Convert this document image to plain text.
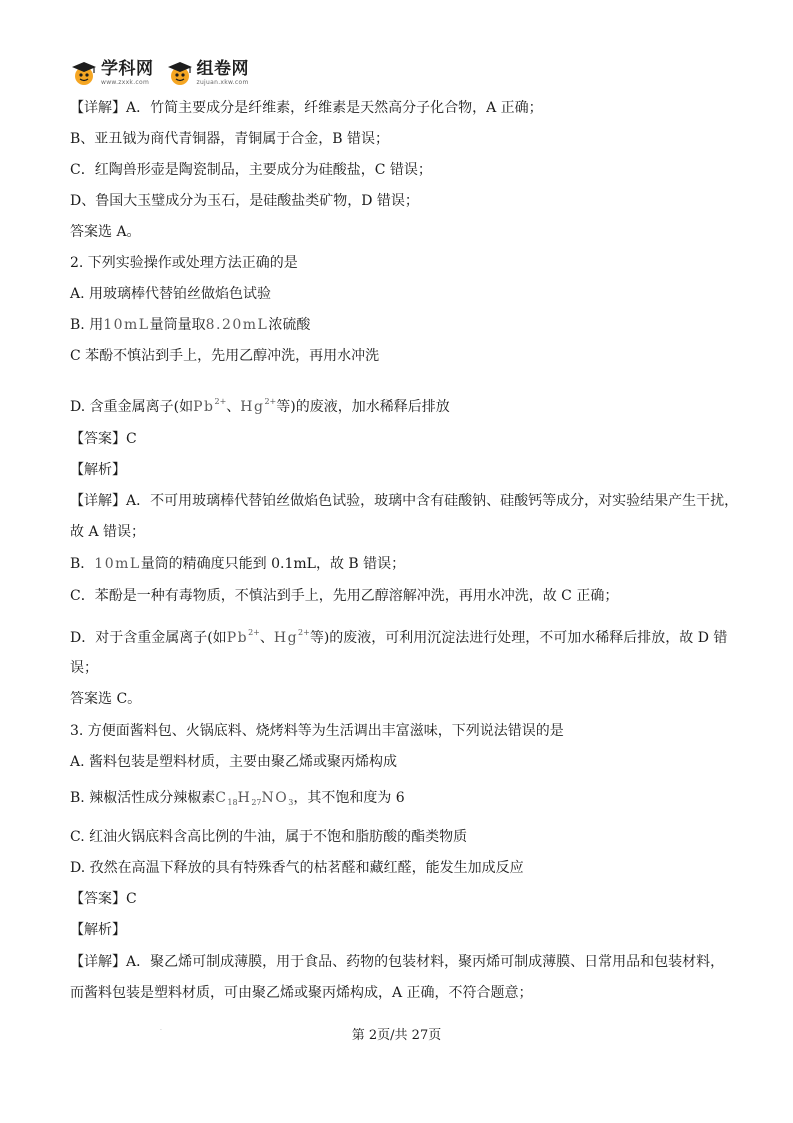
学科网
www.zxxk.com
组卷网
zujuan.xkw.com
【详解】A．竹简主要成分是纤维素，纤维素是天然高分子化合物，A 正确；
B、亚丑钺为商代青铜器，青铜属于合金，B 错误；
C．红陶兽形壶是陶瓷制品，主要成分为硅酸盐，C 错误；
D、鲁国大玉璧成分为玉石，是硅酸盐类矿物，D 错误；
答案选 A。
2. 下列实验操作或处理方法正确的是
A. 用玻璃棒代替铂丝做焰色试验
B. 用10mL量筒量取8.20mL浓硫酸
C 苯酚不慎沾到手上，先用乙醇冲洗，再用水冲洗
D. 含重金属离子(如$Pb^{2+}$、$Hg^{2+}$等)的废液，加水稀释后排放
【答案】C
【解析】
【详解】A．不可用玻璃棒代替铂丝做焰色试验，玻璃中含有硅酸钠、硅酸钙等成分，对实验结果产生干扰，
故 A 错误；
B．10mL量筒的精确度只能到 0.1mL，故 B 错误；
C．苯酚是一种有毒物质，不慎沾到手上，先用乙醇溶解冲洗，再用水冲洗，故 C 正确；
D．对于含重金属离子(如$Pb^{2+}$、$Hg^{2+}$等)的废液，可利用沉淀法进行处理，不可加水稀释后排放，故 D 错
误；
答案选 C。
3. 方便面酱料包、火锅底料、烧烤料等为生活调出丰富滋味，下列说法错误的是
A. 酱料包装是塑料材质，主要由聚乙烯或聚丙烯构成
B. 辣椒活性成分辣椒素$C_{18}H_{27}NO_3$，其不饱和度为 6
C. 红油火锅底料含高比例的牛油，属于不饱和脂肪酸的酯类物质
D. 孜然在高温下释放的具有特殊香气的枯茗醛和藏红醛，能发生加成反应
【答案】C
【解析】
【详解】A．聚乙烯可制成薄膜，用于食品、药物的包装材料，聚丙烯可制成薄膜、日常用品和包装材料，
而酱料包装是塑料材质，可由聚乙烯或聚丙烯构成，A 正确，不符合题意；
·	第 2页/共 27页
